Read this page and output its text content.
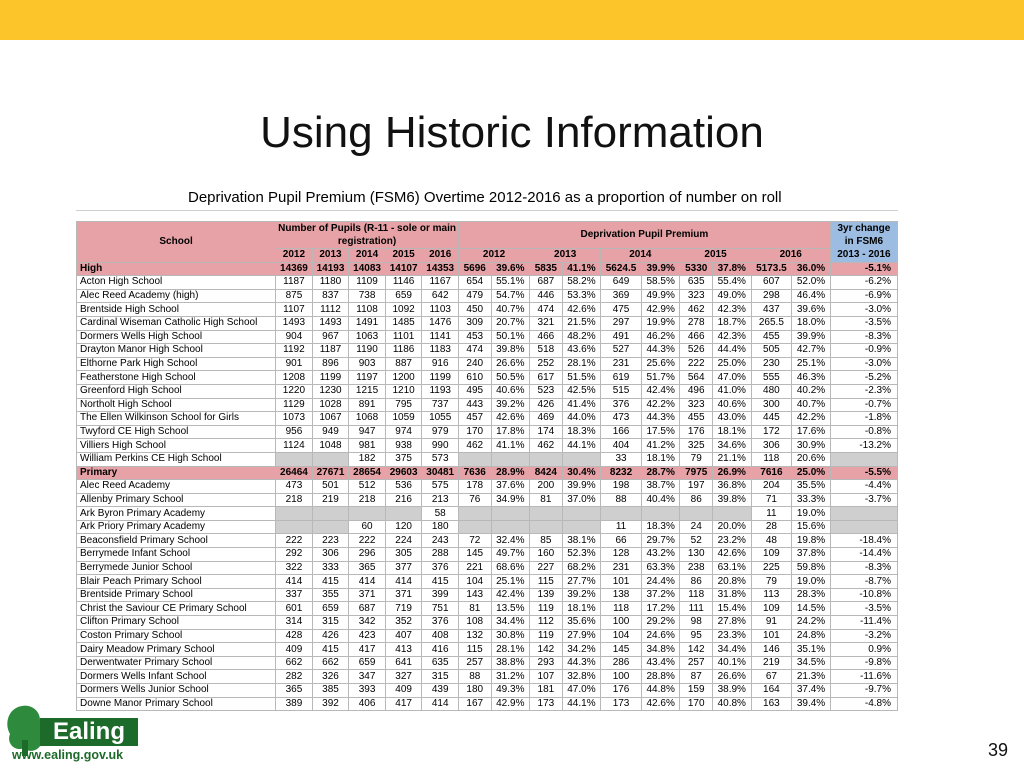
Using Historic Information
Deprivation Pupil Premium (FSM6) Overtime 2012-2016 as a proportion of number on roll
School	Number of Pupils (R-11 - sole or main registration)					Deprivation Pupil Premium										3yr change in FSM6 2013 - 2016

	2012	2013	2014	2015	2016	2012		2013		2014		2015		2016		
High	14369	14193	14083	14107	14353	5696	39.6%	5835	41.1%	5624.5	39.9%	5330	37.8%	5173.5	36.0%	-5.1%
Acton High School	1187	1180	1109	1146	1167	654	55.1%	687	58.2%	649	58.5%	635	55.4%	607	52.0%	-6.2%
Alec Reed Academy (high)	875	837	738	659	642	479	54.7%	446	53.3%	369	49.9%	323	49.0%	298	46.4%	-6.9%
Brentside High School	1107	1112	1108	1092	1103	450	40.7%	474	42.6%	475	42.9%	462	42.3%	437	39.6%	-3.0%
Cardinal Wiseman Catholic High School	1493	1493	1491	1485	1476	309	20.7%	321	21.5%	297	19.9%	278	18.7%	265.5	18.0%	-3.5%
Dormers Wells High School	904	967	1063	1101	1141	453	50.1%	466	48.2%	491	46.2%	466	42.3%	455	39.9%	-8.3%
Drayton Manor High School	1192	1187	1190	1186	1183	474	39.8%	518	43.6%	527	44.3%	526	44.4%	505	42.7%	-0.9%
Elthorne Park High School	901	896	903	887	916	240	26.6%	252	28.1%	231	25.6%	222	25.0%	230	25.1%	-3.0%
Featherstone High School	1208	1199	1197	1200	1199	610	50.5%	617	51.5%	619	51.7%	564	47.0%	555	46.3%	-5.2%
Greenford High School	1220	1230	1215	1210	1193	495	40.6%	523	42.5%	515	42.4%	496	41.0%	480	40.2%	-2.3%
Northolt High School	1129	1028	891	795	737	443	39.2%	426	41.4%	376	42.2%	323	40.6%	300	40.7%	-0.7%
The Ellen Wilkinson School for Girls	1073	1067	1068	1059	1055	457	42.6%	469	44.0%	473	44.3%	455	43.0%	445	42.2%	-1.8%
Twyford CE High School	956	949	947	974	979	170	17.8%	174	18.3%	166	17.5%	176	18.1%	172	17.6%	-0.8%
Villiers High School	1124	1048	981	938	990	462	41.1%	462	44.1%	404	41.2%	325	34.6%	306	30.9%	-13.2%
William Perkins CE High School			182	375	573					33	18.1%	79	21.1%	118	20.6%	
Primary	26464	27671	28654	29603	30481	7636	28.9%	8424	30.4%	8232	28.7%	7975	26.9%	7616	25.0%	-5.5%
Alec Reed Academy	473	501	512	536	575	178	37.6%	200	39.9%	198	38.7%	197	36.8%	204	35.5%	-4.4%
Allenby Primary School	218	219	218	216	213	76	34.9%	81	37.0%	88	40.4%	86	39.8%	71	33.3%	-3.7%
Ark Byron Primary Academy					58									11	19.0%	
Ark Priory Primary Academy			60	120	180					11	18.3%	24	20.0%	28	15.6%	
Beaconsfield Primary School	222	223	222	224	243	72	32.4%	85	38.1%	66	29.7%	52	23.2%	48	19.8%	-18.4%
Berrymede Infant School	292	306	296	305	288	145	49.7%	160	52.3%	128	43.2%	130	42.6%	109	37.8%	-14.4%
Berrymede Junior School	322	333	365	377	376	221	68.6%	227	68.2%	231	63.3%	238	63.1%	225	59.8%	-8.3%
Blair Peach Primary School	414	415	414	414	415	104	25.1%	115	27.7%	101	24.4%	86	20.8%	79	19.0%	-8.7%
Brentside Primary School	337	355	371	371	399	143	42.4%	139	39.2%	138	37.2%	118	31.8%	113	28.3%	-10.8%
Christ the Saviour CE Primary School	601	659	687	719	751	81	13.5%	119	18.1%	118	17.2%	111	15.4%	109	14.5%	-3.5%
Clifton Primary School	314	315	342	352	376	108	34.4%	112	35.6%	100	29.2%	98	27.8%	91	24.2%	-11.4%
Coston Primary School	428	426	423	407	408	132	30.8%	119	27.9%	104	24.6%	95	23.3%	101	24.8%	-3.2%
Dairy Meadow Primary School	409	415	417	413	416	115	28.1%	142	34.2%	145	34.8%	142	34.4%	146	35.1%	0.9%
Derwentwater Primary School	662	662	659	641	635	257	38.8%	293	44.3%	286	43.4%	257	40.1%	219	34.5%	-9.8%
Dormers Wells Infant School	282	326	347	327	315	88	31.2%	107	32.8%	100	28.8%	87	26.6%	67	21.3%	-11.6%
Dormers Wells Junior School	365	385	393	409	439	180	49.3%	181	47.0%	176	44.8%	159	38.9%	164	37.4%	-9.7%
Downe Manor Primary School	389	392	406	417	414	167	42.9%	173	44.1%	173	42.6%	170	40.8%	163	39.4%	-4.8%
Ealing
www.ealing.gov.uk	39
